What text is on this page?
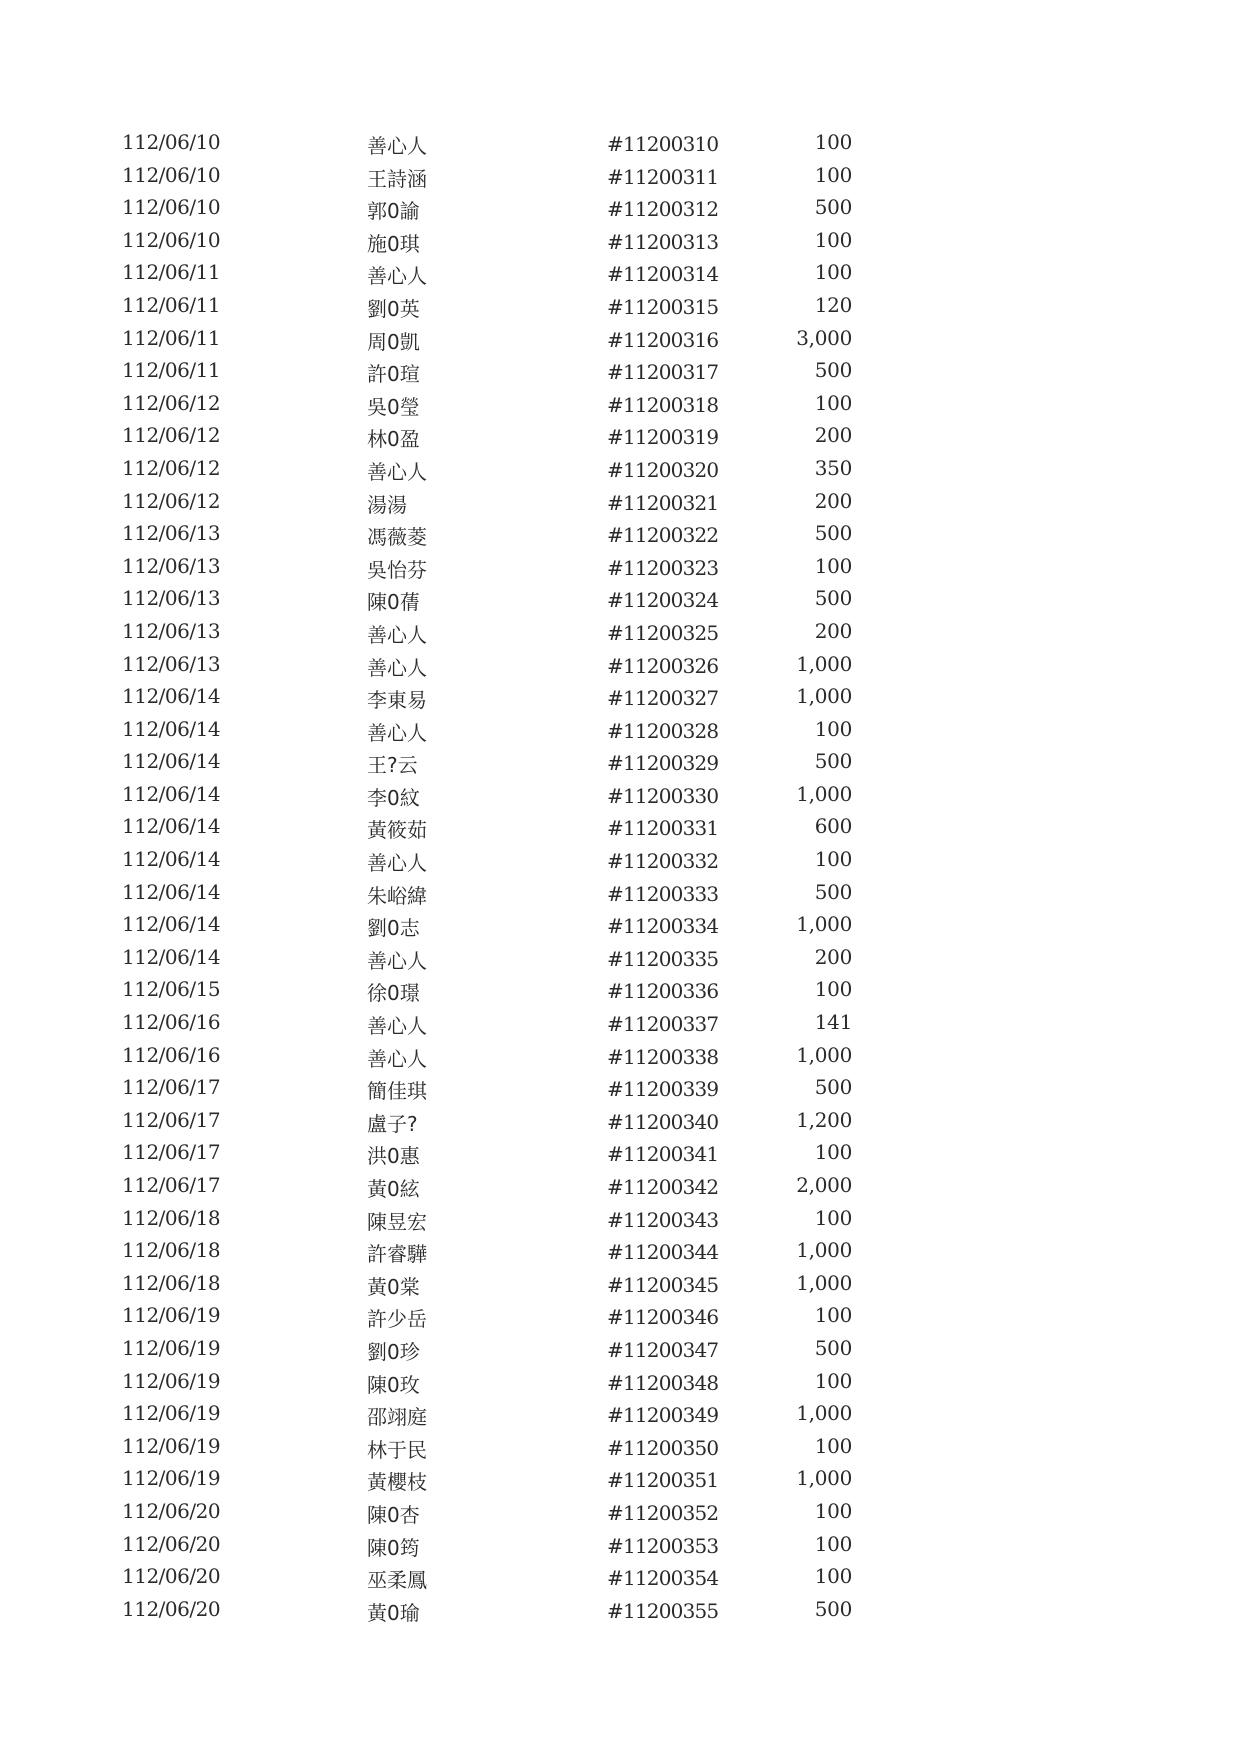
112/06/10	善心人	#11200310	100
112/06/10	王詩涵	#11200311	100
112/06/10	郭0諭	#11200312	500
112/06/10	施0琪	#11200313	100
112/06/11	善心人	#11200314	100
112/06/11	劉0英	#11200315	120
112/06/11	周0凱	#11200316	3,000
112/06/11	許0瑄	#11200317	500
112/06/12	吳0瑩	#11200318	100
112/06/12	林0盈	#11200319	200
112/06/12	善心人	#11200320	350
112/06/12	湯湯	#11200321	200
112/06/13	馮薇菱	#11200322	500
112/06/13	吳怡芬	#11200323	100
112/06/13	陳0蒨	#11200324	500
112/06/13	善心人	#11200325	200
112/06/13	善心人	#11200326	1,000
112/06/14	李東易	#11200327	1,000
112/06/14	善心人	#11200328	100
112/06/14	王?云	#11200329	500
112/06/14	李0紋	#11200330	1,000
112/06/14	黃筱茹	#11200331	600
112/06/14	善心人	#11200332	100
112/06/14	朱峪緯	#11200333	500
112/06/14	劉0志	#11200334	1,000
112/06/14	善心人	#11200335	200
112/06/15	徐0璟	#11200336	100
112/06/16	善心人	#11200337	141
112/06/16	善心人	#11200338	1,000
112/06/17	簡佳琪	#11200339	500
112/06/17	盧子?	#11200340	1,200
112/06/17	洪0惠	#11200341	100
112/06/17	黃0絃	#11200342	2,000
112/06/18	陳昱宏	#11200343	100
112/06/18	許睿驊	#11200344	1,000
112/06/18	黃0棠	#11200345	1,000
112/06/19	許少岳	#11200346	100
112/06/19	劉0珍	#11200347	500
112/06/19	陳0玫	#11200348	100
112/06/19	邵翊庭	#11200349	1,000
112/06/19	林于民	#11200350	100
112/06/19	黃櫻枝	#11200351	1,000
112/06/20	陳0杏	#11200352	100
112/06/20	陳0筠	#11200353	100
112/06/20	巫柔鳳	#11200354	100
112/06/20	黃0瑜	#11200355	500
